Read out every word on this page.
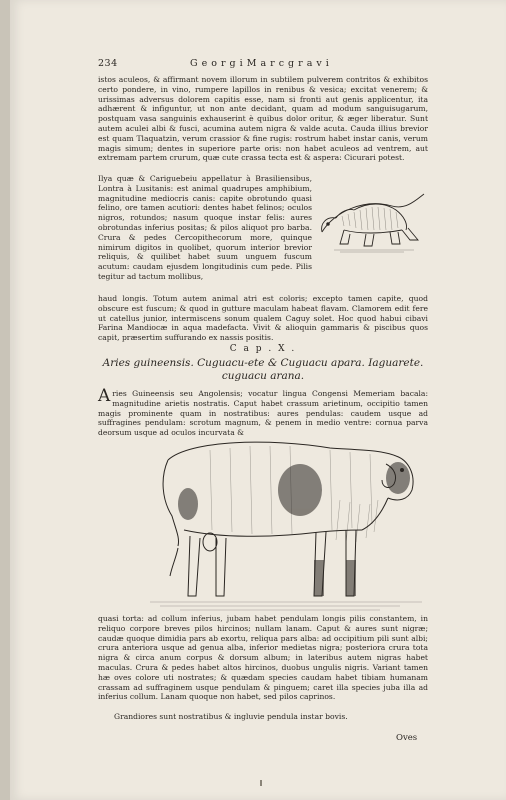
234	G e o r g i M a r c g r a v i

istos aculeos, & affirmant novem illorum in subtilem pulverem contritos & exhibitos certo pondere, in vino, rumpere lapillos in renibus & vesica; excitat venerem; & urissimas adversus dolorem capitis esse, nam si fronti aut genis applicentur, ita adhærent & infiguntur, ut non ante decidant, quam ad modum sanguisugarum, postquam vasa sanguinis exhauserint è quibus dolor oritur, & æger liberatur. Sunt autem aculei albi & fusci, acumina autem nigra & valde acuta. Cauda illius brevior est quam Tlaquatzin, verum crassior & fine rugis: rostrum habet instar canis, verum magis simum; dentes in superiore parte oris: non habet aculeos ad ventrem, aut extremam partem crurum, quæ cute crassa tecta est & aspera: Cicurari potest.

Ilya quæ & Cariguebeiu appellatur à Brasiliensibus, Lontra à Lusitanis: est animal quadrupes amphibium, magnitudine mediocris canis: capite obrotundo quasi felino, ore tamen acutiori: dentes habet felinos; oculos nigros, rotundos; nasum quoque instar felis: aures obrotundas inferius positas; & pilos aliquot pro barba. Crura & pedes Cercopithecorum more, quinque nimirum digitos in quolibet, quorum interior brevior reliquis, & quilibet habet suum unguem fuscum acutum: caudam ejusdem longitudinis cum pede. Pilis tegitur ad tactum mollibus,

haud longis. Totum autem animal atri est coloris; excepto tamen capite, quod obscure est fuscum; & quod in gutture maculam habeat flavam. Clamorem edit fere ut catellus junior, intermiscens sonum qualem Caguy solet. Hoc quod habui cibavi Farina Mandiocæ in aqua madefacta. Vivit & alioquin gammaris & piscibus quos capit, præsertim suffurando ex nassis positis.

C a p . X .
Aries guineensis. Cuguacu-ete & Cuguacu apara. Iaguarete.
cuguacu arana.

Aries Guineensis seu Angolensis; vocatur lingua Congensi Memeriam bacala: magnitudine arietis nostratis. Caput habet crassum arietinum, occipitio tamen magis prominente quam in nostratibus: aures pendulas: caudem usque ad suffragines pendulam: scrotum magnum, & penem in medio ventre: cornua parva deorsum usque ad oculos incurvata &

quasi torta: ad collum inferius, jubam habet pendulam longis pilis constantem, in reliquo corpore breves pilos hircinos; nullam lanam. Caput & aures sunt nigræ; caudæ quoque dimidia pars ab exortu, reliqua pars alba: ad occipitium pili sunt albi; crura anteriora usque ad genua alba, inferior medietas nigra; posteriora crura tota nigra & circa anum corpus & dorsum album; in lateribus autem nigras habet maculas. Crura & pedes habet altos hircinos, duobus ungulis nigris. Variant tamen hæ oves colore uti nostrates; & quædam species caudam habet tibiam humanam crassam ad suffraginem usque pendulam & pinguem; caret illa species juba illa ad inferius collum. Lanam quoque non habet, sed pilos caprinos.

Grandiores sunt nostratibus & ingluvie pendula instar bovis.

Oves
